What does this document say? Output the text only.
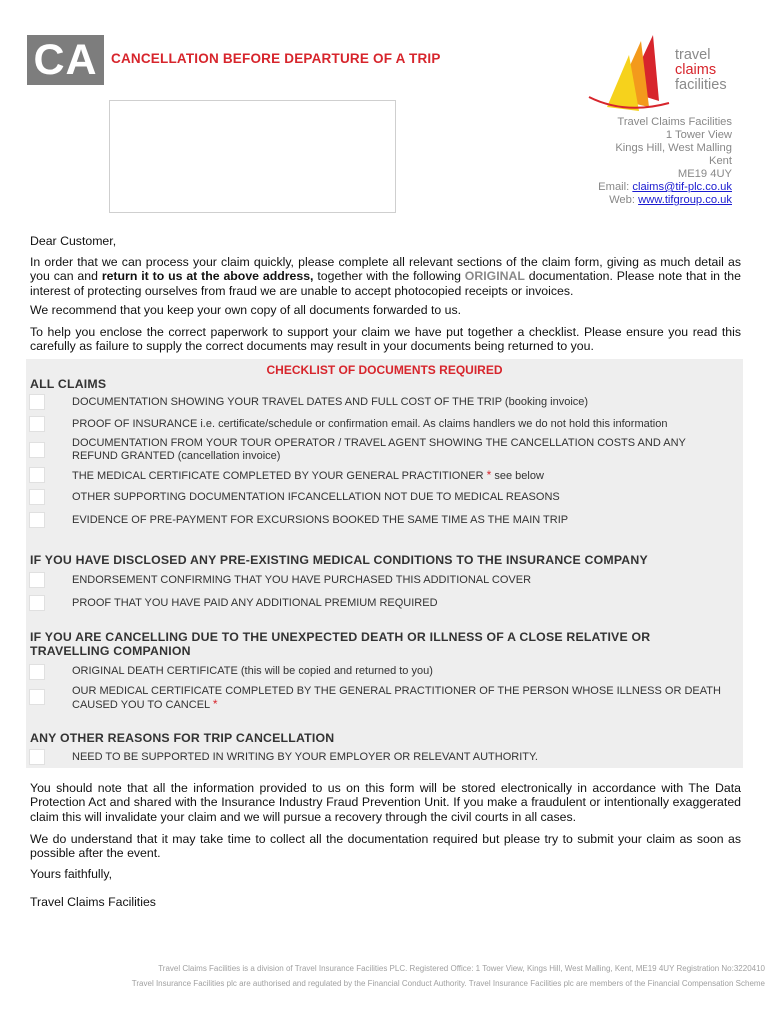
CA CANCELLATION BEFORE DEPARTURE OF A TRIP	travel
claims
facilities
Travel Claims Facilities
1 Tower View
Kings Hill, West Malling
Kent
ME19 4UY
Email: claims@tif-plc.co.uk
Web: www.tifgroup.co.uk
Dear Customer,
In order that we can process your claim quickly, please complete all relevant sections of the claim form, giving as much detail as you can and return it to us at the above address, together with the following ORIGINAL documentation. Please note that in the interest of protecting ourselves from fraud we are unable to accept photocopied receipts or invoices.
We recommend that you keep your own copy of all documents forwarded to us.
To help you enclose the correct paperwork to support your claim we have put together a checklist. Please ensure you read this carefully as failure to supply the correct documents may result in your documents being returned to you.
CHECKLIST OF DOCUMENTS REQUIRED
ALL CLAIMS
DOCUMENTATION SHOWING YOUR TRAVEL DATES AND FULL COST OF THE TRIP (booking invoice)
PROOF OF INSURANCE i.e. certificate/schedule or confirmation email. As claims handlers we do not hold this information
DOCUMENTATION FROM YOUR TOUR OPERATOR / TRAVEL AGENT SHOWING THE CANCELLATION COSTS AND ANY REFUND GRANTED (cancellation invoice)
THE MEDICAL CERTIFICATE COMPLETED BY YOUR GENERAL PRACTITIONER * see below
OTHER SUPPORTING DOCUMENTATION IFCANCELLATION NOT DUE TO MEDICAL REASONS
EVIDENCE OF PRE-PAYMENT FOR EXCURSIONS BOOKED THE SAME TIME AS THE MAIN TRIP
IF YOU HAVE DISCLOSED ANY PRE-EXISTING MEDICAL CONDITIONS TO THE INSURANCE COMPANY
ENDORSEMENT CONFIRMING THAT YOU HAVE PURCHASED THIS ADDITIONAL COVER
PROOF THAT YOU HAVE PAID ANY ADDITIONAL PREMIUM REQUIRED
IF YOU ARE CANCELLING DUE TO THE UNEXPECTED DEATH OR ILLNESS OF A CLOSE RELATIVE OR TRAVELLING COMPANION
ORIGINAL DEATH CERTIFICATE (this will be copied and returned to you)
OUR MEDICAL CERTIFICATE COMPLETED BY THE GENERAL PRACTITIONER OF THE PERSON WHOSE ILLNESS OR DEATH CAUSED YOU TO CANCEL *
ANY OTHER REASONS FOR TRIP CANCELLATION
NEED TO BE SUPPORTED IN WRITING BY YOUR EMPLOYER OR RELEVANT AUTHORITY.
You should note that all the information provided to us on this form will be stored electronically in accordance with The Data Protection Act and shared with the Insurance Industry Fraud Prevention Unit. If you make a fraudulent or intentionally exaggerated claim this will invalidate your claim and we will pursue a recovery through the civil courts in all cases.
We do understand that it may take time to collect all the documentation required but please try to submit your claim as soon as possible after the event.
Yours faithfully,
Travel Claims Facilities
Travel Claims Facilities is a division of Travel Insurance Facilities PLC. Registered Office: 1 Tower View, Kings Hill, West Malling, Kent, ME19 4UY Registration No:3220410
Travel Insurance Facilities plc are authorised and regulated by the Financial Conduct Authority. Travel Insurance Facilities plc are members of the Financial Compensation Scheme
